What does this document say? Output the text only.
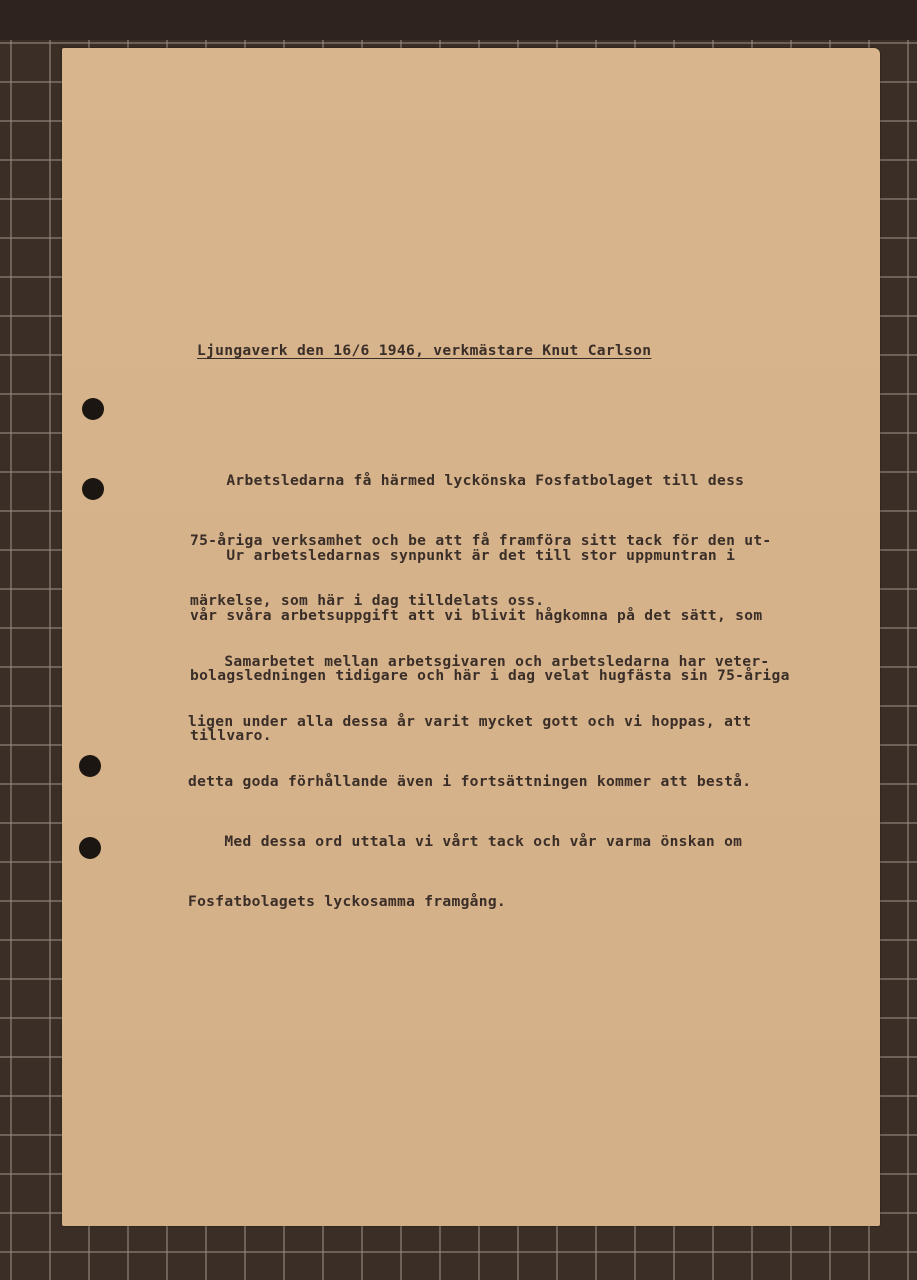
Ljungaverk den 16/6 1946, verkmästare Knut Carlson

Arbetsledarna få härmed lyckönska Fosfatbolaget till dess

75-åriga verksamhet och be att få framföra sitt tack för den ut-

märkelse, som här i dag tilldelats oss.

Ur arbetsledarnas synpunkt är det till stor uppmuntran i

vår svåra arbetsuppgift att vi blivit hågkomna på det sätt, som

bolagsledningen tidigare och här i dag velat hugfästa sin 75-åriga

tillvaro.

Samarbetet mellan arbetsgivaren och arbetsledarna har veter-

ligen under alla dessa år varit mycket gott och vi hoppas, att

detta goda förhållande även i fortsättningen kommer att bestå.

Med dessa ord uttala vi vårt tack och vår varma önskan om

Fosfatbolagets lyckosamma framgång.
